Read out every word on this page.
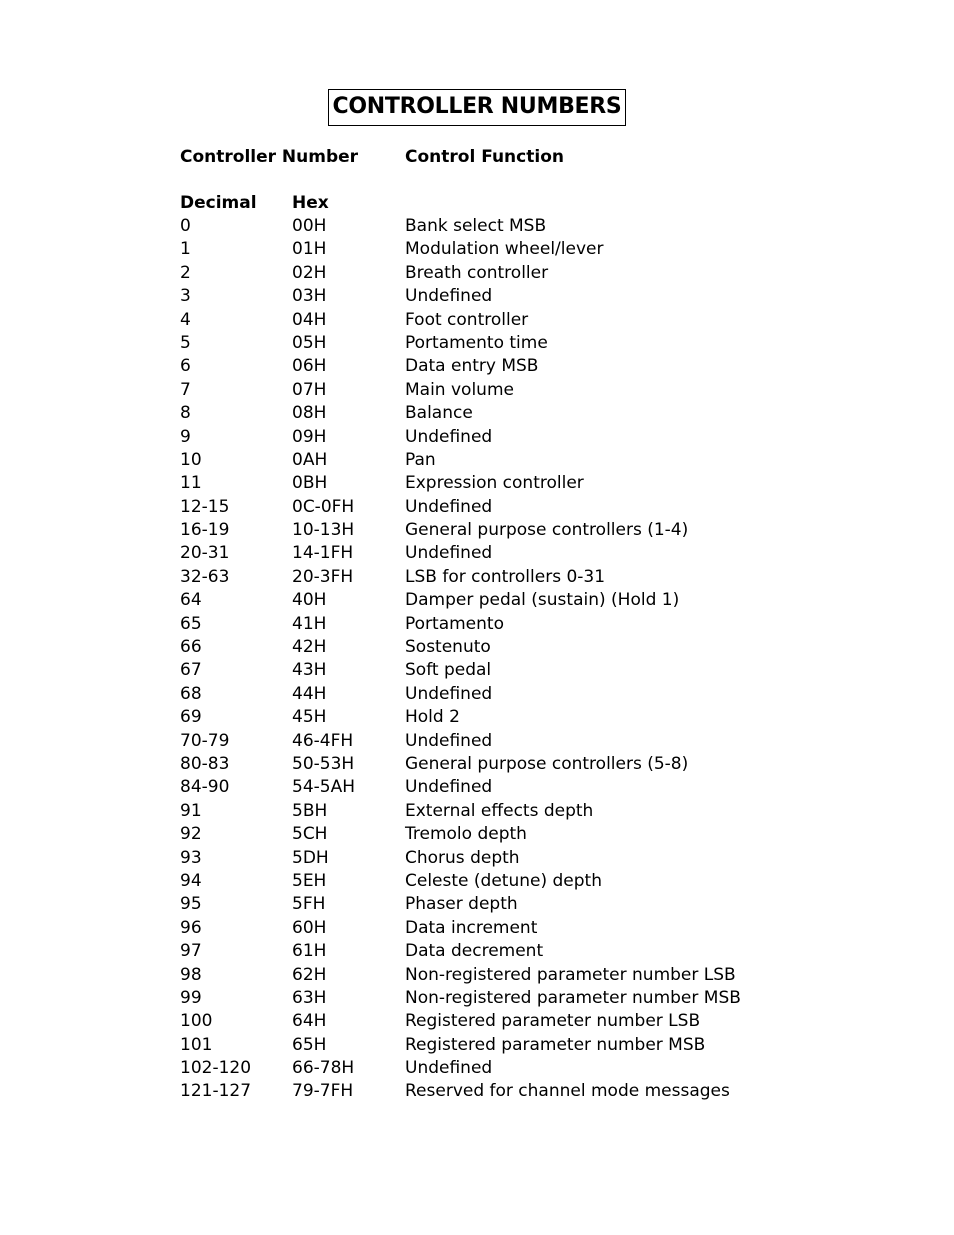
CONTROLLER NUMBERS
Controller Number	Control Function
Decimal Hex
0	00H	Bank select MSB
1	01H	Modulation wheel/lever
2	02H	Breath controller
3	03H	Undefined
4	04H	Foot controller
5	05H	Portamento time
6	06H	Data entry MSB
7	07H	Main volume
8	08H	Balance
9	09H	Undefined
10	0AH	Pan
11	0BH	Expression controller
12-15	0C-0FH	Undefined
16-19	10-13H	General purpose controllers (1-4)
20-31	14-1FH	Undefined
32-63	20-3FH	LSB for controllers 0-31
64	40H	Damper pedal (sustain) (Hold 1)
65	41H	Portamento
66	42H	Sostenuto
67	43H	Soft pedal
68	44H	Undefined
69	45H	Hold 2
70-79	46-4FH	Undefined
80-83	50-53H	General purpose controllers (5-8)
84-90	54-5AH	Undefined
91	5BH	External effects depth
92	5CH	Tremolo depth
93	5DH	Chorus depth
94	5EH	Celeste (detune) depth
95	5FH	Phaser depth
96	60H	Data increment
97	61H	Data decrement
98	62H	Non-registered parameter number LSB
99	63H	Non-registered parameter number MSB
100	64H	Registered parameter number LSB
101	65H	Registered parameter number MSB
102-120 66-78H	Undefined
121-127 79-7FH	Reserved for channel mode messages
